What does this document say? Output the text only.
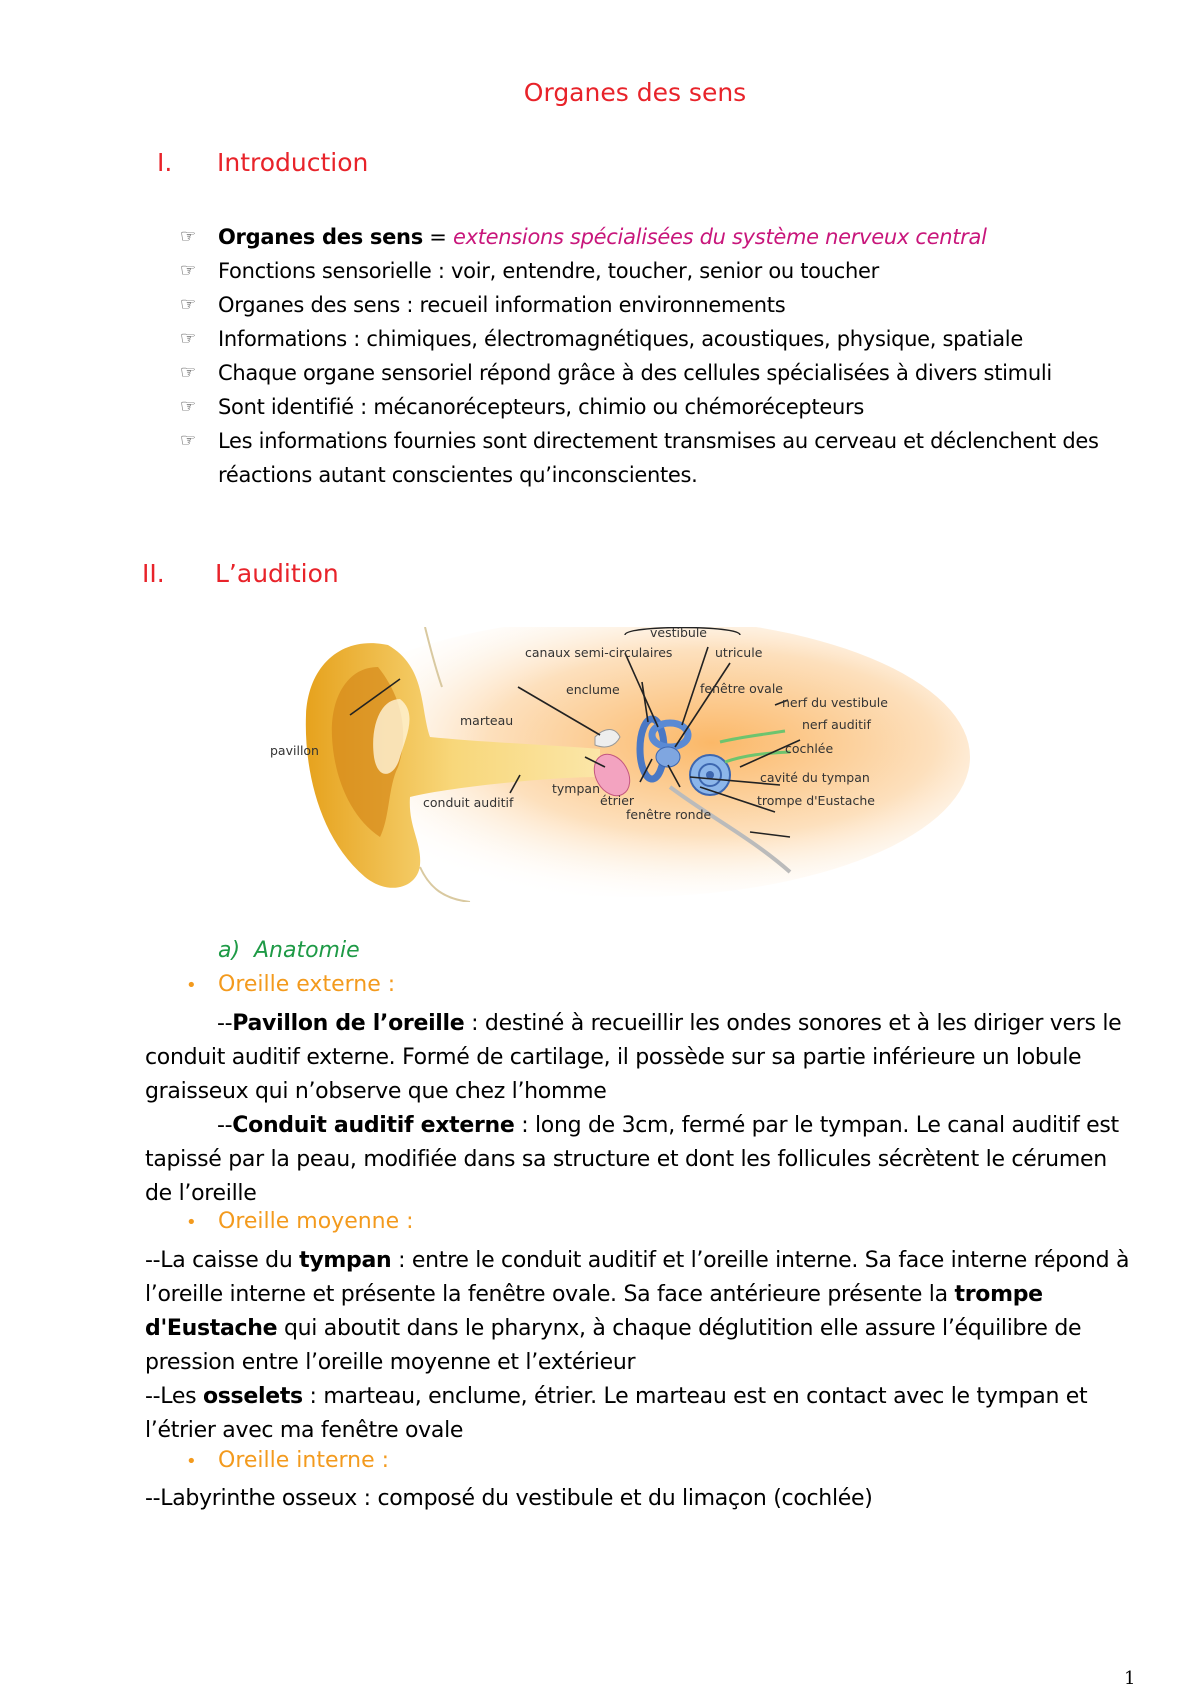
Organes des sens
I. Introduction
☞	Organes des sens = extensions spécialisées du système nerveux central
☞	Fonctions sensorielle : voir, entendre, toucher, senior ou toucher
☞	Organes des sens : recueil information environnements
☞	Informations : chimiques, électromagnétiques, acoustiques, physique, spatiale
☞	Chaque organe sensoriel répond grâce à des cellules spécialisées à divers stimuli
☞	Sont identifié : mécanorécepteurs, chimio ou chémorécepteurs
☞	Les informations fournies sont directement transmises au cerveau et déclenchent des réactions autant conscientes qu’inconscientes.
II. L’audition
vestibule
canaux semi-circulaires	utricule
enclume	fenêtre ovale
nerf du vestibule
marteau	nerf auditif
pavillon	cochlée
cavité du tympan
tympan
conduit auditif	étrier	trompe d'Eustache
fenêtre ronde
a) Anatomie
• Oreille externe :
--Pavillon de l’oreille : destiné à recueillir les ondes sonores et à les diriger vers le conduit auditif externe. Formé de cartilage, il possède sur sa partie inférieure un lobule graisseux qui n’observe que chez l’homme
--Conduit auditif externe : long de 3cm, fermé par le tympan. Le canal auditif est tapissé par la peau, modifiée dans sa structure et dont les follicules sécrètent le cérumen de l’oreille
• Oreille moyenne :
--La caisse du tympan : entre le conduit auditif et l’oreille interne. Sa face interne répond à l’oreille interne et présente la fenêtre ovale. Sa face antérieure présente la trompe d'Eustache qui aboutit dans le pharynx, à chaque déglutition elle assure l’équilibre de pression entre l’oreille moyenne et l’extérieur
--Les osselets : marteau, enclume, étrier. Le marteau est en contact avec le tympan et l’étrier avec ma fenêtre ovale
• Oreille interne :
--Labyrinthe osseux : composé du vestibule et du limaçon (cochlée)
1
